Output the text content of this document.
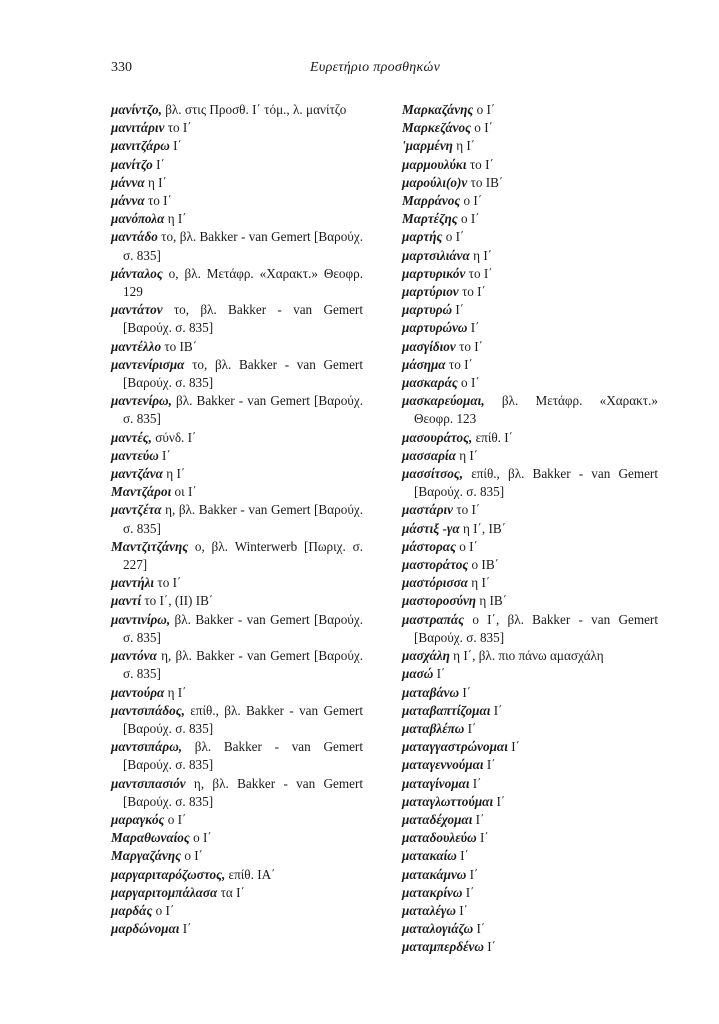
330	Ευρετήριο προσθηκών
μανίντζο, βλ. στις Προσθ. Ι΄ τόμ., λ. μανίτζο
μανιτάριν το Ι΄
μανιτζάρω Ι΄
μανίτζο Ι΄
μάννα η Ι΄
μάννα το Ι΄
μανόπολα η Ι΄
μαντάδο το, βλ. Bakker - van Gemert [Βαρούχ. σ. 835]
μάνταλος ο, βλ. Μετάφρ. «Χαρακτ.» Θεοφρ. 129
μαντάτον το, βλ. Bakker - van Gemert [Βαρούχ. σ. 835]
μαντέλλο το ΙΒ΄
μαντενίρισμα το, βλ. Bakker - van Gemert [Βαρούχ. σ. 835]
μαντενίρω, βλ. Bakker - van Gemert [Βαρούχ. σ. 835]
μαντές, σύνδ. Ι΄
μαντεύω Ι΄
μαντζάνα η Ι΄
Μαντζάροι οι Ι΄
μαντζέτα η, βλ. Bakker - van Gemert [Βαρούχ. σ. 835]
Μαντζιτζάνης ο, βλ. Winterwerb [Πωριχ. σ. 227]
μαντήλι το Ι΄
μαντί το Ι΄, (ΙΙ) ΙΒ΄
μαντινίρω, βλ. Bakker - van Gemert [Βαρούχ. σ. 835]
μαντόνα η, βλ. Bakker - van Gemert [Βαρούχ. σ. 835]
μαντούρα η Ι΄
μαντσιπάδος, επίθ., βλ. Bakker - van Gemert [Βαρούχ. σ. 835]
μαντσιπάρω, βλ. Bakker - van Gemert [Βαρούχ. σ. 835]
μαντσιπασιόν η, βλ. Bakker - van Gemert [Βαρούχ. σ. 835]
μαραγκός ο Ι΄
Μαραθωναίος ο Ι΄
Μαργαζάνης ο Ι΄
μαργαριταρόζωστος, επίθ. ΙΑ΄
μαργαριτομπάλασα τα Ι΄
μαρδάς ο Ι΄
μαρδώνομαι Ι΄
Μαρκαζάνης ο Ι΄
Μαρκεζάνος ο Ι΄
'μαρμένη η Ι΄
μαρμουλύκι το Ι΄
μαρούλι(ο)ν το ΙΒ΄
Μαρράνος ο Ι΄
Μαρτέζης ο Ι΄
μαρτής ο Ι΄
μαρτσιλιάνα η Ι΄
μαρτυρικόν το Ι΄
μαρτύριον το Ι΄
μαρτυρώ Ι΄
μαρτυρώνω Ι΄
μασγίδιον το Ι΄
μάσημα το Ι΄
μασκαράς ο Ι΄
μασκαρεύομαι, βλ. Μετάφρ. «Χαρακτ.» Θεοφρ. 123
μασουράτος, επίθ. Ι΄
μασσαρία η Ι΄
μασσίτσος, επίθ., βλ. Bakker - van Gemert [Βαρούχ. σ. 835]
μαστάριν το Ι΄
μάστιξ -γα η Ι΄, ΙΒ΄
μάστορας ο Ι΄
μαστοράτος ο ΙΒ΄
μαστόρισσα η Ι΄
μαστοροσύνη η ΙΒ΄
μαστραπάς ο Ι΄, βλ. Bakker - van Gemert [Βαρούχ. σ. 835]
μασχάλη η Ι΄, βλ. πιο πάνω αμασχάλη
μασώ Ι΄
ματαβάνω Ι΄
ματαβαπτίζομαι Ι΄
ματαβλέπω Ι΄
ματαγγαστρώνομαι Ι΄
ματαγεννούμαι Ι΄
ματαγίνομαι Ι΄
ματαγλωττούμαι Ι΄
ματαδέχομαι Ι΄
ματαδουλεύω Ι΄
ματακαίω Ι΄
ματακάμνω Ι΄
ματακρίνω Ι΄
ματαλέγω Ι΄
ματαλογιάζω Ι΄
ματαμπερδένω Ι΄
